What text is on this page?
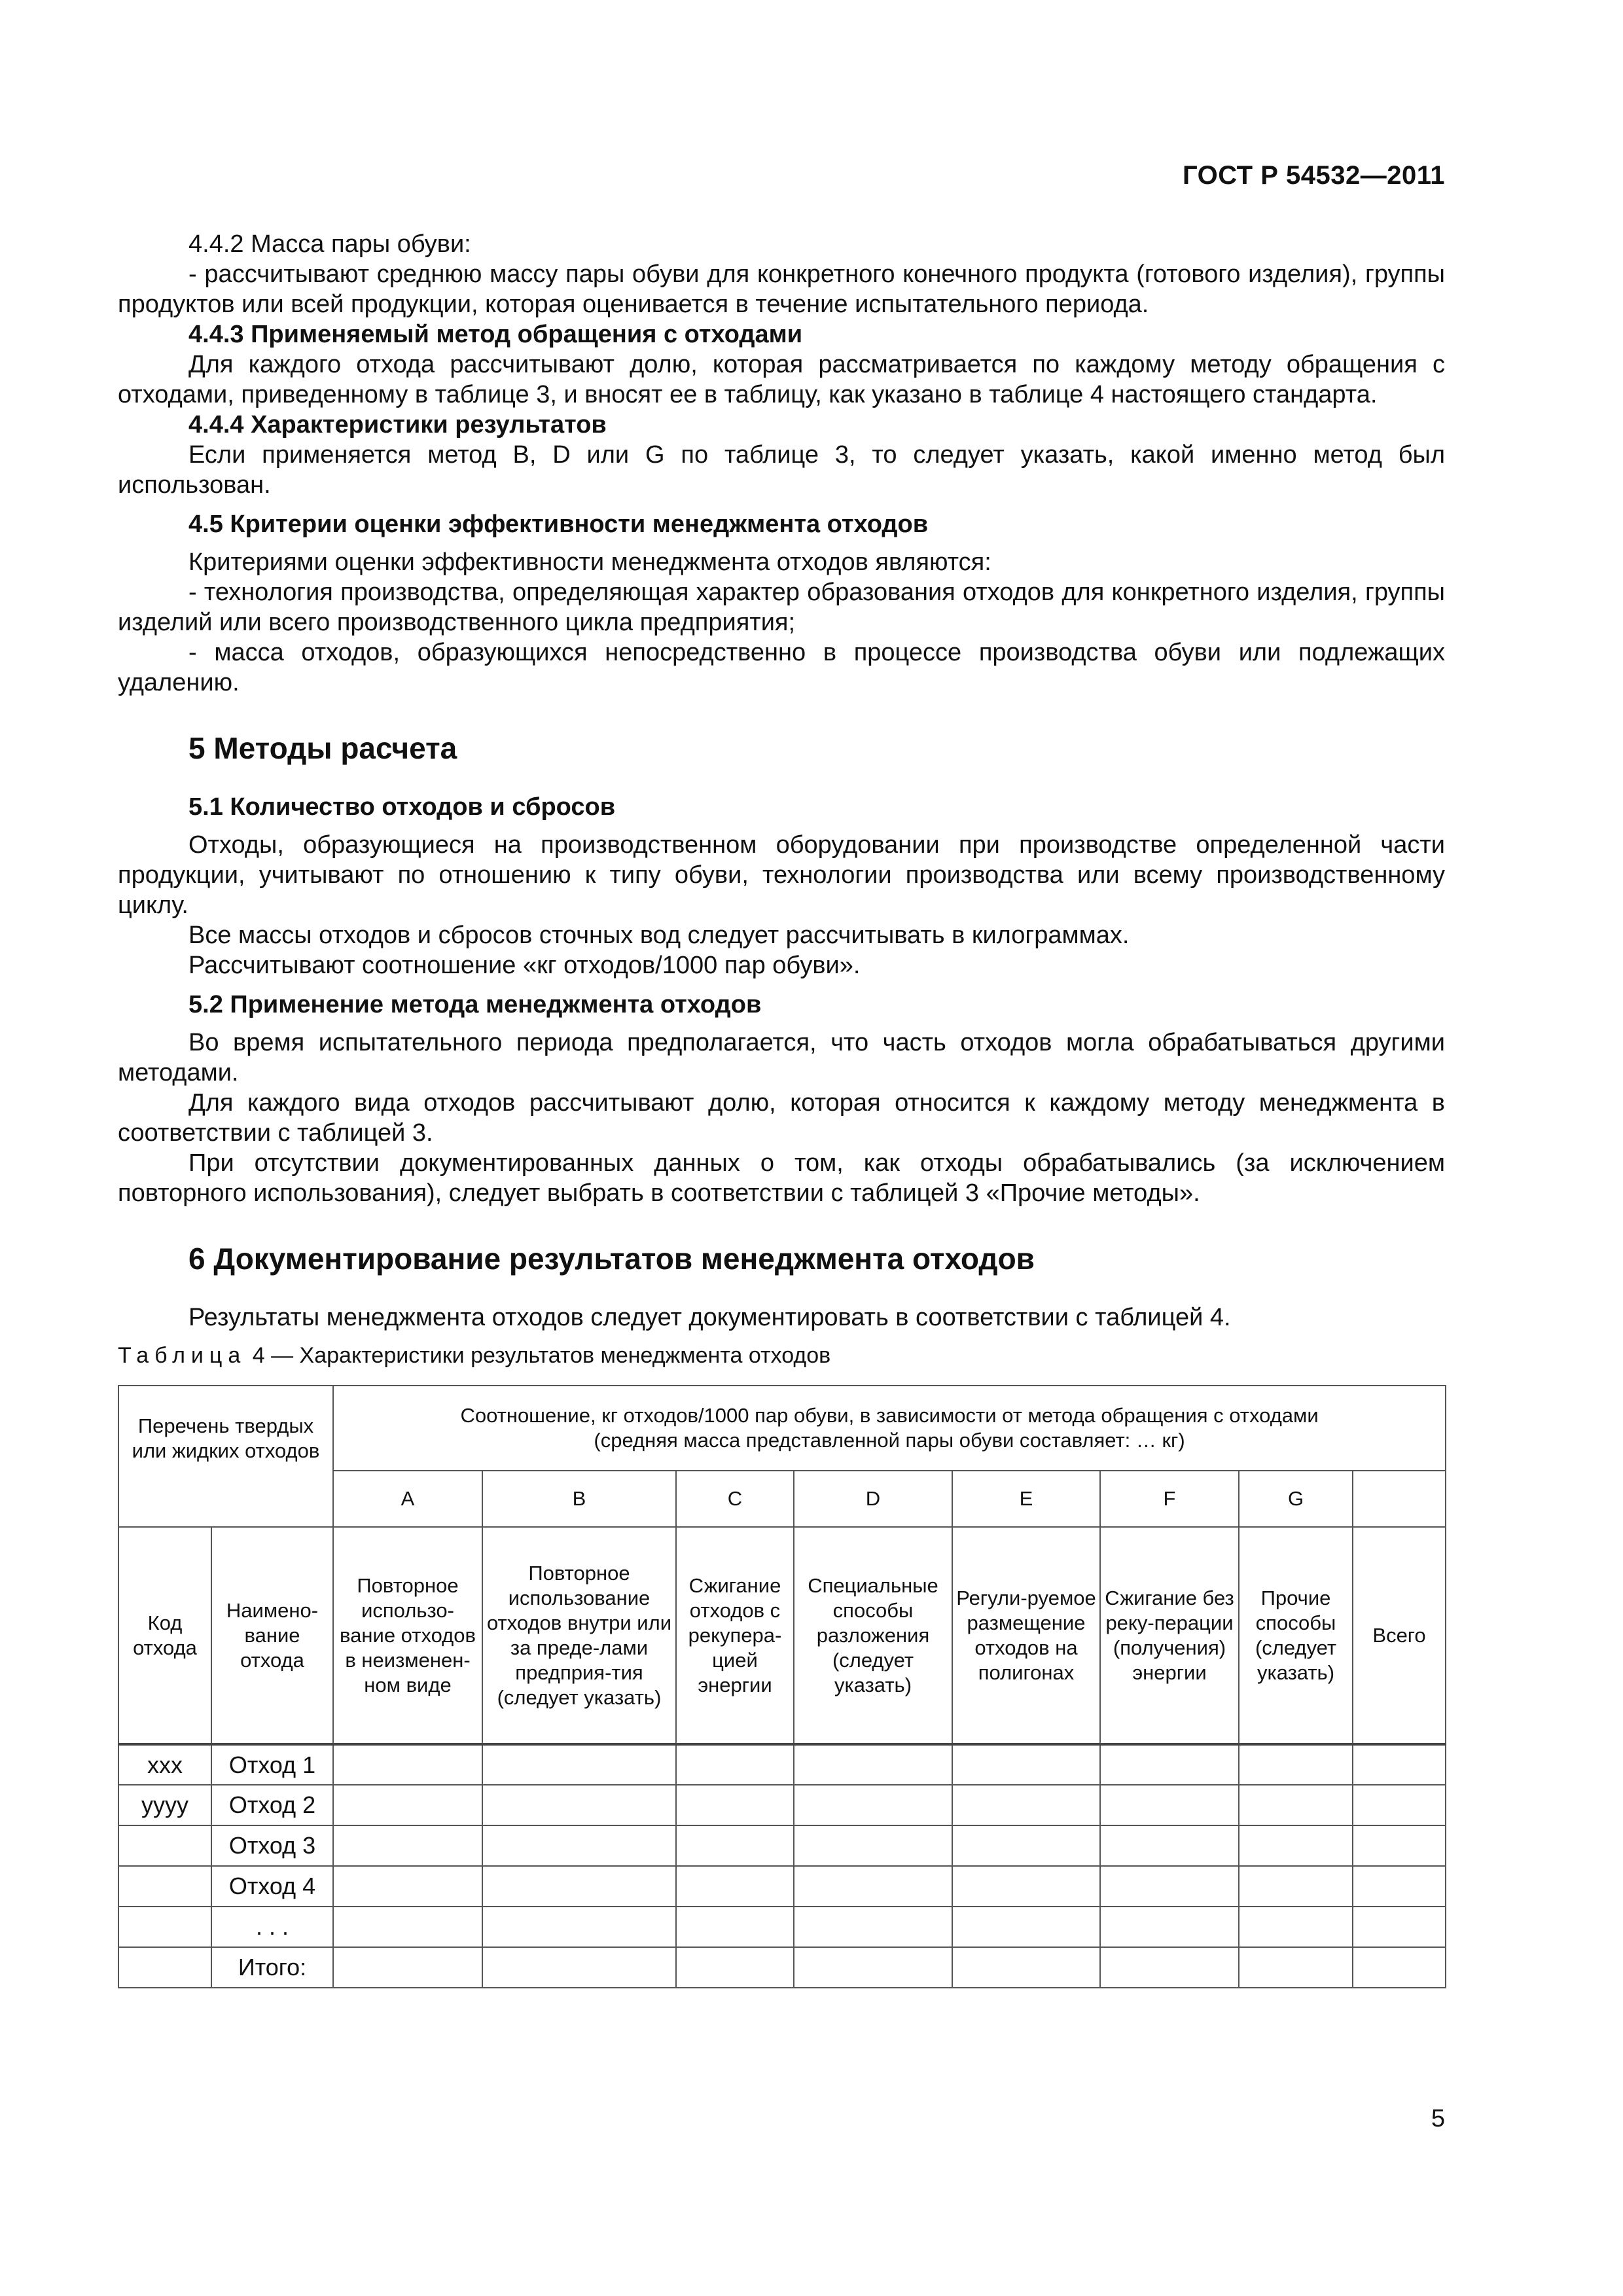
ГОСТ Р 54532—2011

4.4.2 Масса пары обуви:

- рассчитывают среднюю массу пары обуви для конкретного конечного продукта (готового изделия), группы продуктов или всей продукции, которая оценивается в течение испытательного периода.

4.4.3 Применяемый метод обращения с отходами

Для каждого отхода рассчитывают долю, которая рассматривается по каждому методу обращения с отходами, приведенному в таблице 3, и вносят ее в таблицу, как указано в таблице 4 настоящего стандарта.

4.4.4 Характеристики результатов

Если применяется метод B, D или G по таблице 3, то следует указать, какой именно метод был использован.

4.5 Критерии оценки эффективности менеджмента отходов

Критериями оценки эффективности менеджмента отходов являются:

- технология производства, определяющая характер образования отходов для конкретного изделия, группы изделий или всего производственного цикла предприятия;

- масса отходов, образующихся непосредственно в процессе производства обуви или подлежащих удалению.

5 Методы расчета

5.1 Количество отходов и сбросов

Отходы, образующиеся на производственном оборудовании при производстве определенной части продукции, учитывают по отношению к типу обуви, технологии производства или всему производственному циклу.

Все массы отходов и сбросов сточных вод следует рассчитывать в килограммах.

Рассчитывают соотношение «кг отходов/1000 пар обуви».

5.2 Применение метода менеджмента отходов

Во время испытательного периода предполагается, что часть отходов могла обрабатываться другими методами.

Для каждого вида отходов рассчитывают долю, которая относится к каждому методу менеджмента в соответствии с таблицей 3.

При отсутствии документированных данных о том, как отходы обрабатывались (за исключением повторного использования), следует выбрать в соответствии с таблицей 3 «Прочие методы».

6 Документирование результатов менеджмента отходов

Результаты менеджмента отходов следует документировать в соответствии с таблицей 4.

Таблица 4 — Характеристики результатов менеджмента отходов

Перечень твердых или жидких отходов		Соотношение, кг отходов/1000 пар обуви, в зависимости от метода обращения с отходами
(средняя масса представленной пары обуви составляет: … кг)							

		A	B	C	D	E	F	G	
Код отхода	Наимено-вание отхода	Повторное использо-вание отходов в неизменен-ном виде	Повторное использование отходов внутри или за преде-лами предприя-тия (следует указать)	Сжигание отходов с рекупера-цией энергии	Специальные способы разложения (следует указать)	Регули-руемое размещение отходов на полигонах	Сжигание без реку-перации (получения) энергии	Прочие способы (следует указать)	Всего
xxx	Отход 1								
yyyy	Отход 2								
	Отход 3								
	Отход 4								
	. . .								
	Итого:								
5
